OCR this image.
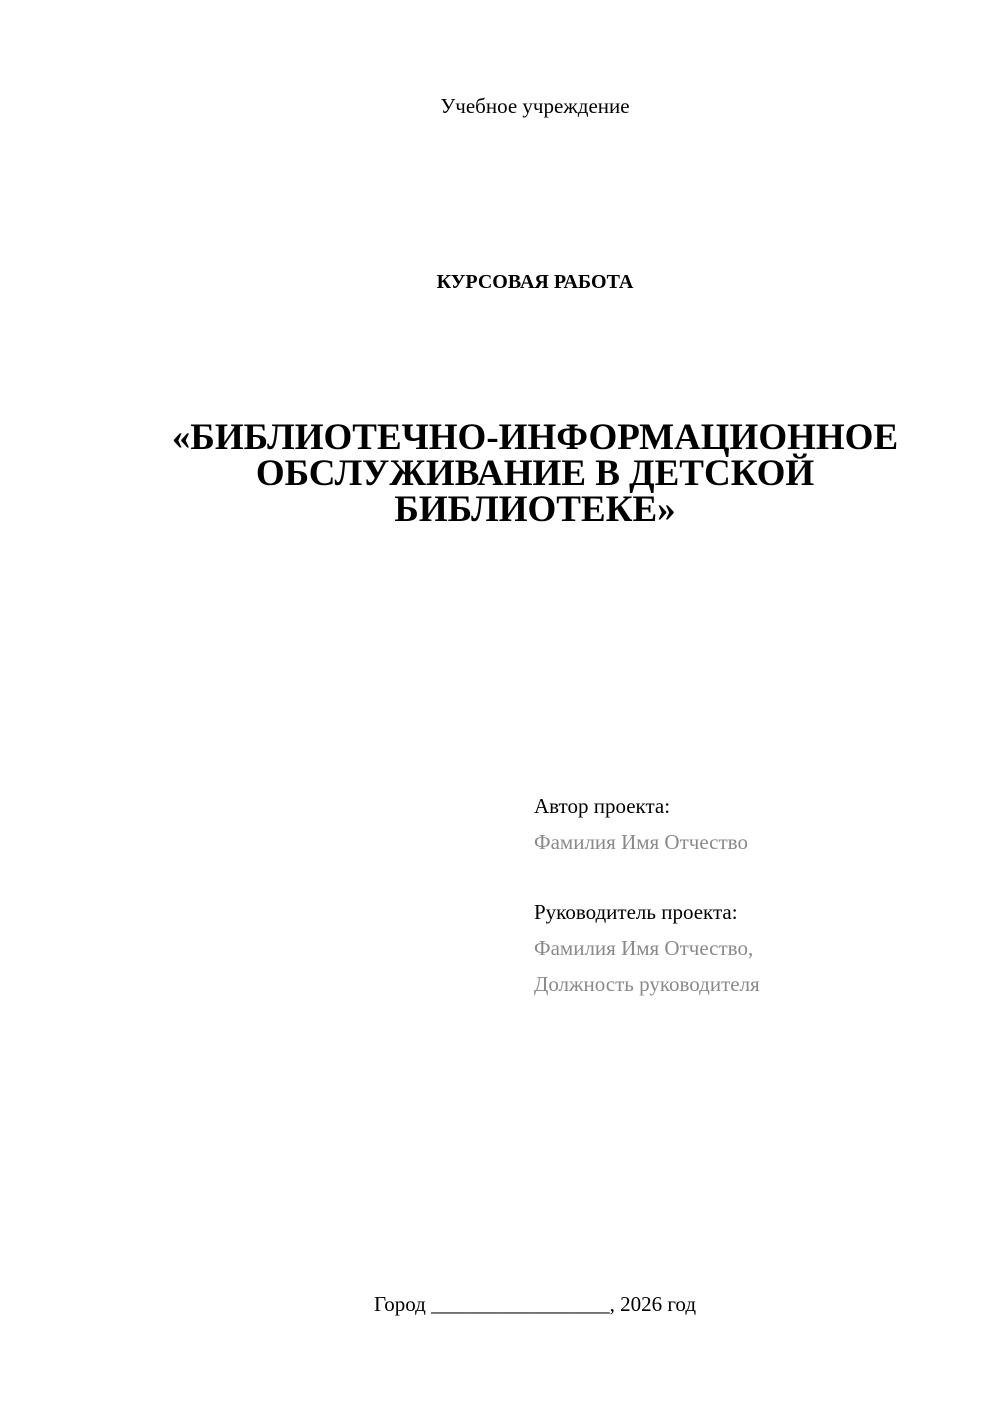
Учебное учреждение
КУРСОВАЯ РАБОТА
«БИБЛИОТЕЧНО-ИНФОРМАЦИОННОЕ
ОБСЛУЖИВАНИЕ В ДЕТСКОЙ
БИБЛИОТЕКЕ»
Автор проекта:
Фамилия Имя Отчество
Руководитель проекта:
Фамилия Имя Отчество,
Должность руководителя
Город _________________, 2026 год
